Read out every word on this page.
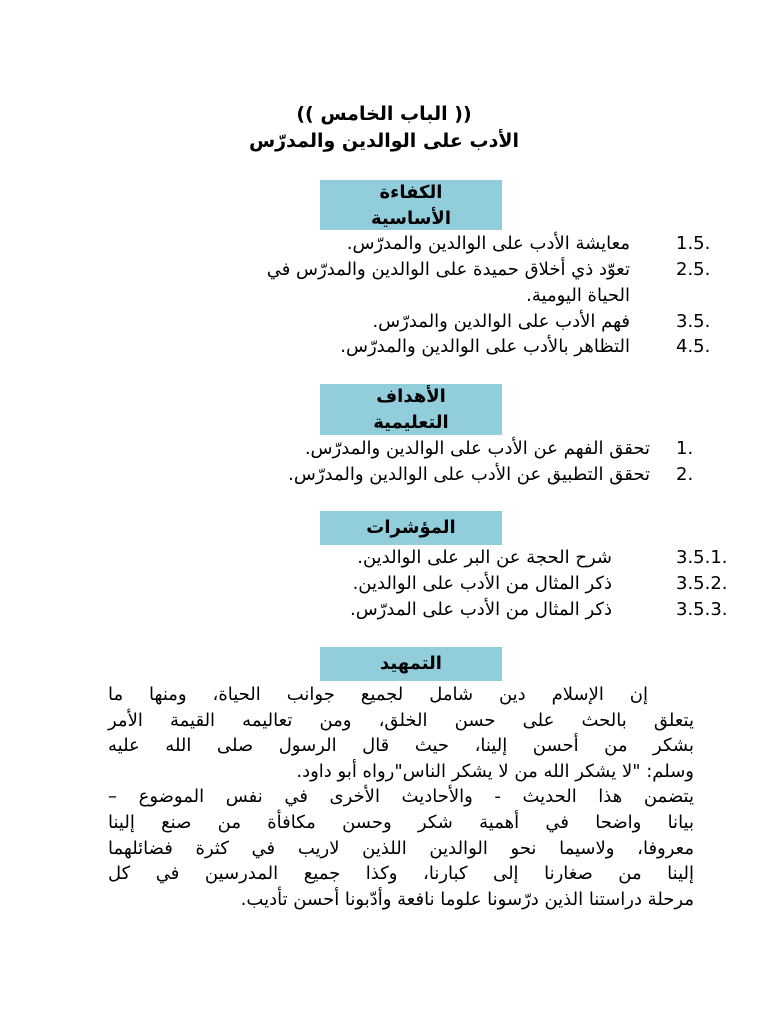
(( الباب الخامس ))
الأدب على الوالدين والمدرّس
الكفاءة
الأساسية
1.5.
معايشة الأدب على الوالدين والمدرّس.
2.5.
تعوّد ذي أخلاق حميدة على الوالدين والمدرّس في
الحياة اليومية.
3.5.
فهم الأدب على الوالدين والمدرّس.
4.5.
التظاهر بالأدب على الوالدين والمدرّس.
الأهداف
التعليمية
1.
تحقق الفهم عن الأدب على الوالدين والمدرّس.
2.
تحقق التطبيق عن الأدب على الوالدين والمدرّس.
المؤشرات
3.5.1.
شرح الحجة عن البر على الوالدين.
3.5.2.
ذكر المثال من الأدب على الوالدين.
3.5.3.
ذكر المثال من الأدب على المدرّس.
التمهيد
إن الإسلام دين شامل لجميع جوانب الحياة، ومنها ما
يتعلق بالحث على حسن الخلق، ومن تعاليمه القيمة الأمر
بشكر من أحسن إلينا، حيث قال الرسول صلى الله عليه
وسلم: "لا يشكر الله من لا يشكر الناس"رواه أبو داود.
يتضمن هذا الحديث - والأحاديث الأخرى في نفس الموضوع –
بيانا واضحا في أهمية شكر وحسن مكافأة من صنع إلينا
معروفا، ولاسيما نحو الوالدين اللذين لاريب في كثرة فضائلهما
إلينا من صغارنا إلى كبارنا، وكذا جميع المدرسين في كل
مرحلة دراستنا الذين درّسونا علوما نافعة وأدّبونا أحسن تأديب.
